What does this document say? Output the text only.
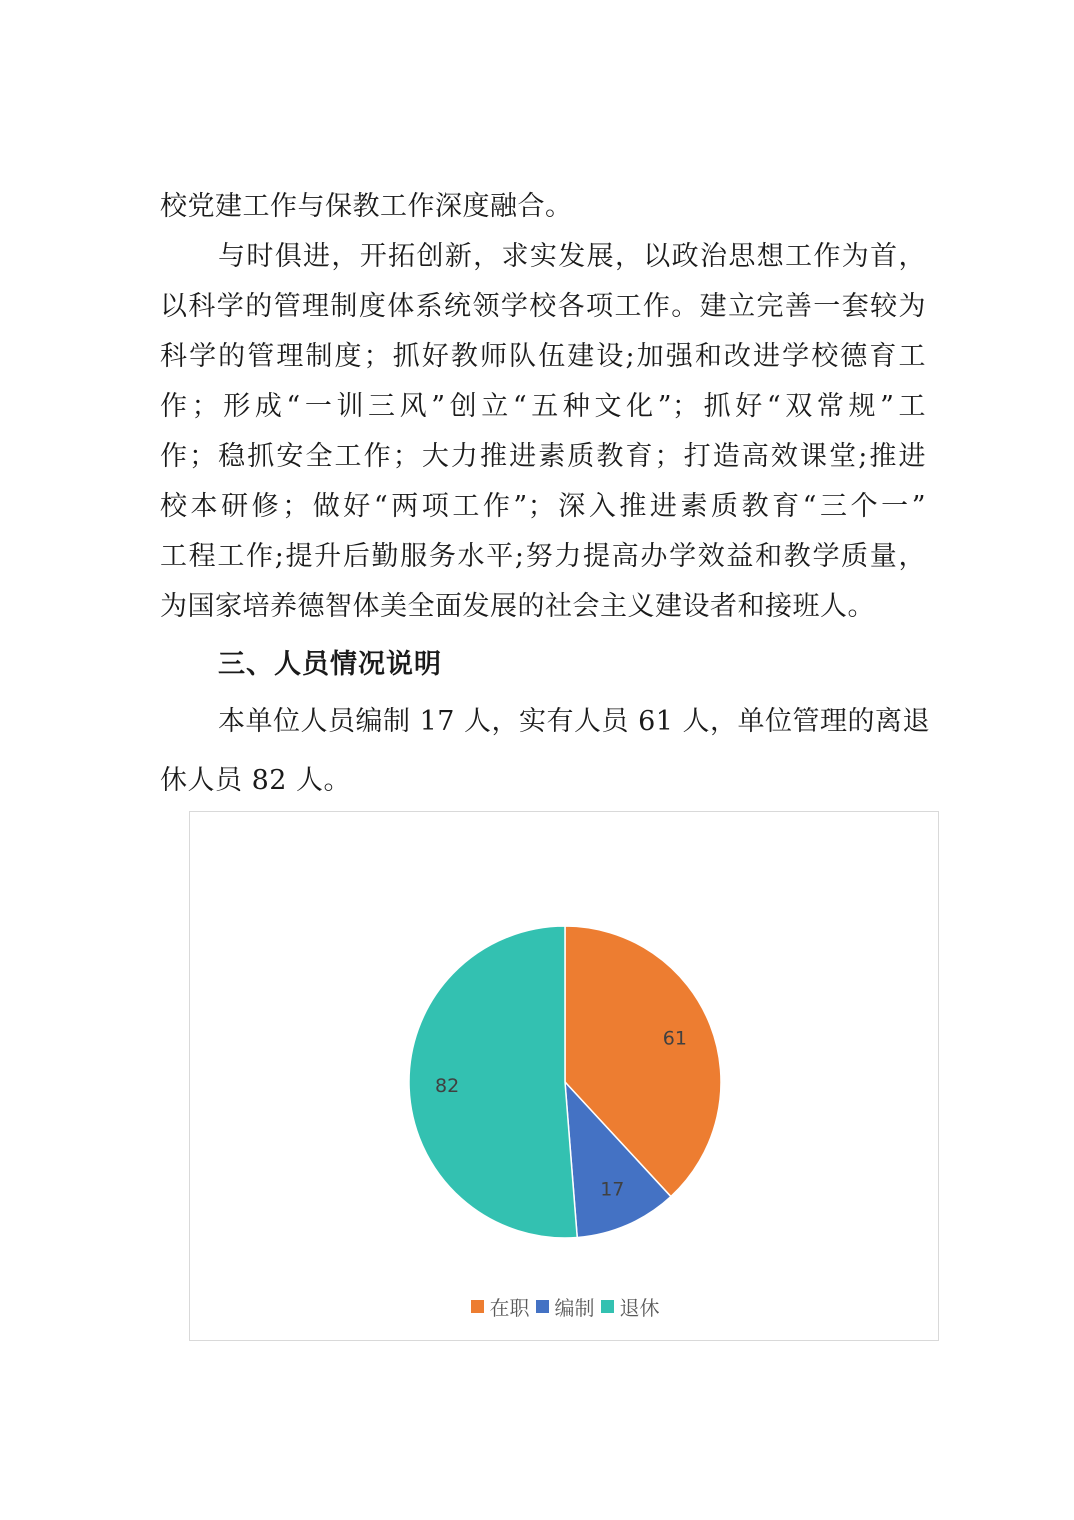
校党建工作与保教工作深度融合。
与时俱进，开拓创新，求实发展，以政治思想工作为首，
以科学的管理制度体系统领学校各项工作。建立完善一套较为
科学的管理制度；抓好教师队伍建设;加强和改进学校德育工
作；形成“一训三风”创立“五种文化”；抓好“双常规”工
作；稳抓安全工作；大力推进素质教育；打造高效课堂;推进
校本研修；做好“两项工作”；深入推进素质教育“三个一”
工程工作;提升后勤服务水平;努力提高办学效益和教学质量，
为国家培养德智体美全面发展的社会主义建设者和接班人。
三、人员情况说明
本单位人员编制 17 人，实有人员 61 人，单位管理的离退
休人员 82 人。
61
17
82
在职 编制 退休
